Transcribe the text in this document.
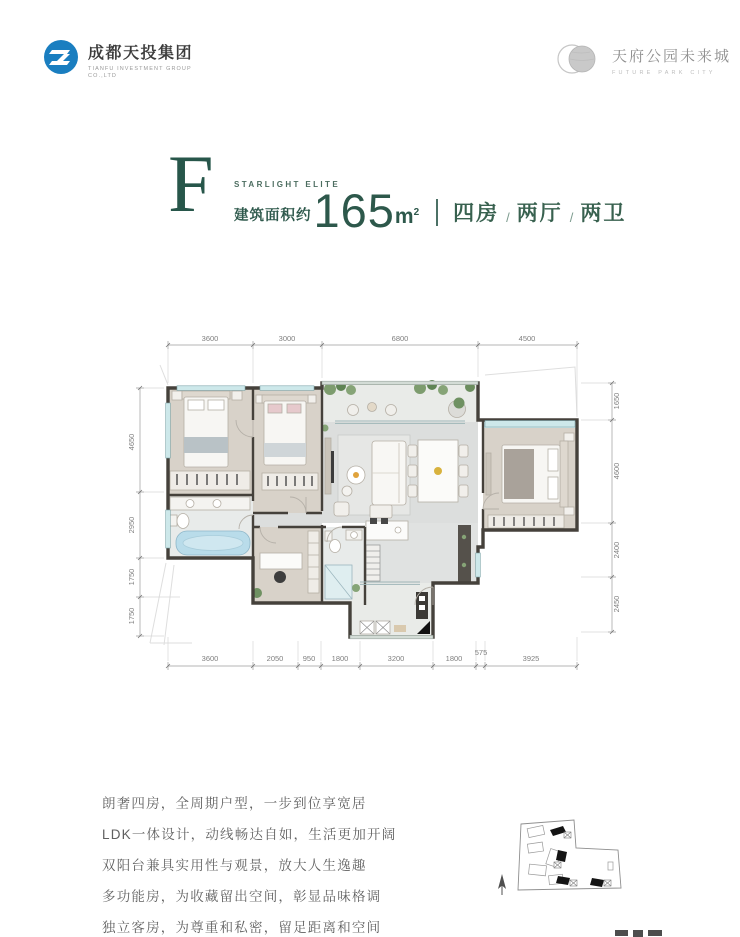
成都天投集团
TIANFU INVESTMENT GROUP
CO.,LTD
天府公园未来城
FUTURE PARK CITY
F	STARLIGHT ELITE
建筑面积约 165 $m^2$ 四房 / 两厅 / 两卫
3600	3000	6800	4500
3600	2050	950 1800	3200	1800
575
3925
4650
2950
1750
1750
1650
4600
2400
2450
朗奢四房，全周期户型，一步到位享宽居
LDK一体设计，动线畅达自如，生活更加开阔
双阳台兼具实用性与观景，放大人生逸趣
多功能房，为收藏留出空间，彰显品味格调
独立客房，为尊重和私密，留足距离和空间
